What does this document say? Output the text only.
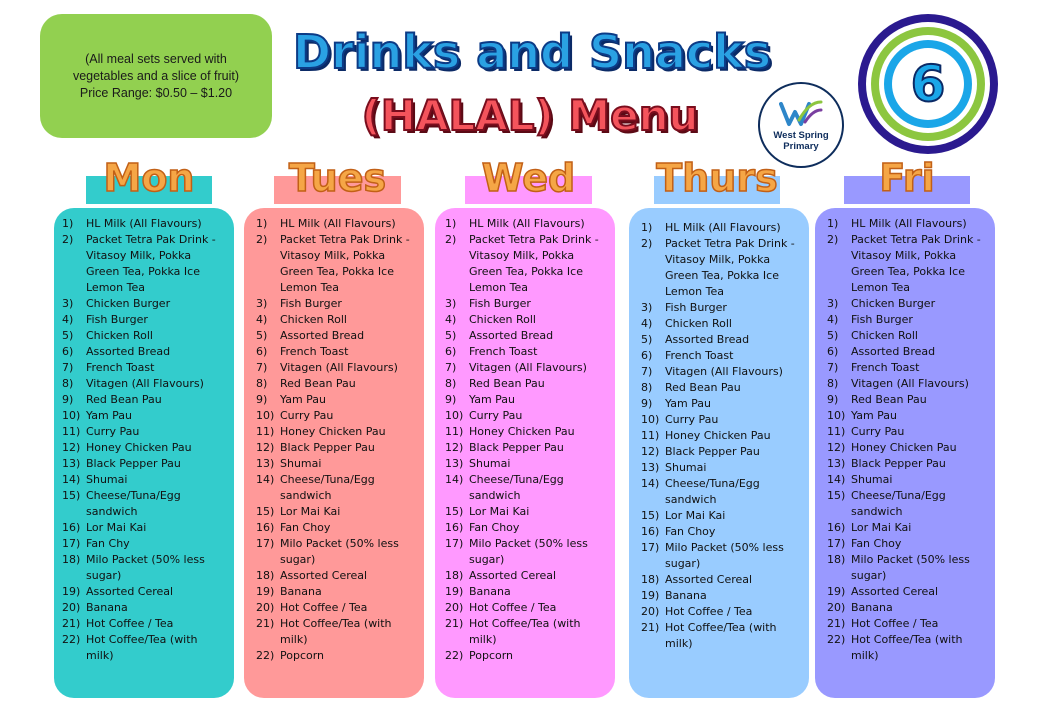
(All meal sets served with
vegetables and a slice of fruit)
Price Range: $0.50 – $1.20
Drinks and Snacks
(HALAL) Menu	West Spring
Primary
6
Mon	Tues	Wed	Thurs	Fri
1)	HL Milk (All Flavours)
2)	Packet Tetra Pak Drink - Vitasoy Milk, Pokka Green Tea, Pokka Ice Lemon Tea
3)	Chicken Burger
4)	Fish Burger
5)	Chicken Roll
6)	Assorted Bread
7)	French Toast
8)	Vitagen (All Flavours)
9)	Red Bean Pau
10) Yam Pau
11) Curry Pau
12) Honey Chicken Pau
13) Black Pepper Pau
14) Shumai
15) Cheese/Tuna/Egg sandwich
16) Lor Mai Kai
17) Fan Chy
18) Milo Packet (50% less sugar)
19) Assorted Cereal
20) Banana
21) Hot Coffee / Tea
22) Hot Coffee/Tea (with milk)
1)	HL Milk (All Flavours)
2)	Packet Tetra Pak Drink - Vitasoy Milk, Pokka Green Tea, Pokka Ice Lemon Tea
3)	Fish Burger
4)	Chicken Roll
5)	Assorted Bread
6)	French Toast
7)	Vitagen (All Flavours)
8)	Red Bean Pau
9)	Yam Pau
10) Curry Pau
11) Honey Chicken Pau
12) Black Pepper Pau
13) Shumai
14) Cheese/Tuna/Egg sandwich
15) Lor Mai Kai
16) Fan Choy
17) Milo Packet (50% less sugar)
18) Assorted Cereal
19) Banana
20) Hot Coffee / Tea
21) Hot Coffee/Tea (with milk)
22) Popcorn
1)	HL Milk (All Flavours)
2)	Packet Tetra Pak Drink - Vitasoy Milk, Pokka Green Tea, Pokka Ice Lemon Tea
3)	Fish Burger
4)	Chicken Roll
5)	Assorted Bread
6)	French Toast
7)	Vitagen (All Flavours)
8)	Red Bean Pau
9)	Yam Pau
10) Curry Pau
11) Honey Chicken Pau
12) Black Pepper Pau
13) Shumai
14) Cheese/Tuna/Egg sandwich
15) Lor Mai Kai
16) Fan Choy
17) Milo Packet (50% less sugar)
18) Assorted Cereal
19) Banana
20) Hot Coffee / Tea
21) Hot Coffee/Tea (with milk)
22) Popcorn
1)	HL Milk (All Flavours)
2)	Packet Tetra Pak Drink - Vitasoy Milk, Pokka Green Tea, Pokka Ice Lemon Tea
3)	Fish Burger
4)	Chicken Roll
5)	Assorted Bread
6)	French Toast
7)	Vitagen (All Flavours)
8)	Red Bean Pau
9)	Yam Pau
10) Curry Pau
11) Honey Chicken Pau
12) Black Pepper Pau
13) Shumai
14) Cheese/Tuna/Egg sandwich
15) Lor Mai Kai
16) Fan Choy
17) Milo Packet (50% less sugar)
18) Assorted Cereal
19) Banana
20) Hot Coffee / Tea
21) Hot Coffee/Tea (with milk)
1)	HL Milk (All Flavours)
2)	Packet Tetra Pak Drink - Vitasoy Milk, Pokka Green Tea, Pokka Ice Lemon Tea
3)	Chicken Burger
4)	Fish Burger
5)	Chicken Roll
6)	Assorted Bread
7)	French Toast
8)	Vitagen (All Flavours)
9)	Red Bean Pau
10) Yam Pau
11) Curry Pau
12) Honey Chicken Pau
13) Black Pepper Pau
14) Shumai
15) Cheese/Tuna/Egg sandwich
16) Lor Mai Kai
17) Fan Choy
18) Milo Packet (50% less sugar)
19) Assorted Cereal
20) Banana
21) Hot Coffee / Tea
22) Hot Coffee/Tea (with milk)
